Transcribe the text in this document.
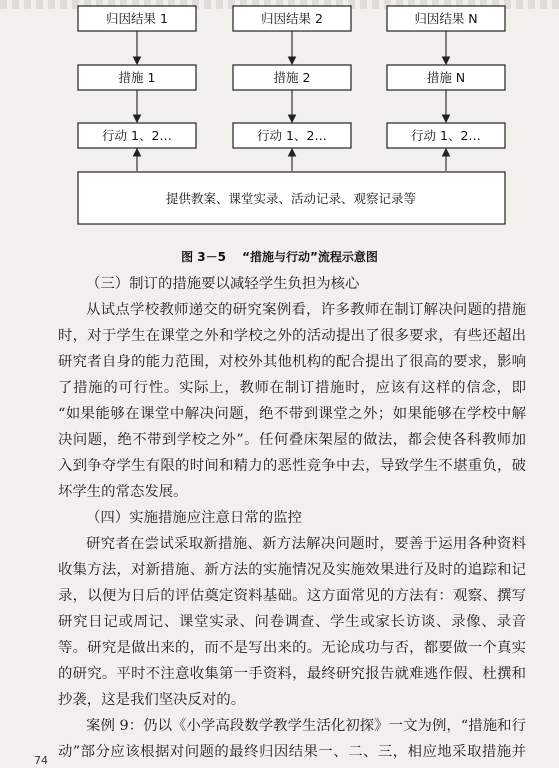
归因结果 1
措施 1
行动 1、2…
归因结果 2
措施 2
行动 1、2…
归因结果 N
措施 N
行动 1、2…
提供教案、课堂实录、活动记录、观察记录等
图 3－5 “措施与行动”流程示意图
（三）制订的措施要以减轻学生负担为核心
从试点学校教师递交的研究案例看，许多教师在制订解决问题的措施
时，对于学生在课堂之外和学校之外的活动提出了很多要求，有些还超出
研究者自身的能力范围，对校外其他机构的配合提出了很高的要求，影响
了措施的可行性。实际上，教师在制订措施时，应该有这样的信念，即
“如果能够在课堂中解决问题，绝不带到课堂之外；如果能够在学校中解
决问题，绝不带到学校之外”。任何叠床架屋的做法，都会使各科教师加
入到争夺学生有限的时间和精力的恶性竞争中去，导致学生不堪重负，破
坏学生的常态发展。
（四）实施措施应注意日常的监控
研究者在尝试采取新措施、新方法解决问题时，要善于运用各种资料
收集方法，对新措施、新方法的实施情况及实施效果进行及时的追踪和记
录，以便为日后的评估奠定资料基础。这方面常见的方法有：观察、撰写
研究日记或周记、课堂实录、问卷调查、学生或家长访谈、录像、录音
等。研究是做出来的，而不是写出来的。无论成功与否，都要做一个真实
的研究。平时不注意收集第一手资料，最终研究报告就难逃作假、杜撰和
抄袭，这是我们坚决反对的。
案例 9：仍以《小学高段数学教学生活化初探》一文为例，“措施和行
动”部分应该根据对问题的最终归因结果一、二、三，相应地采取措施并
74
